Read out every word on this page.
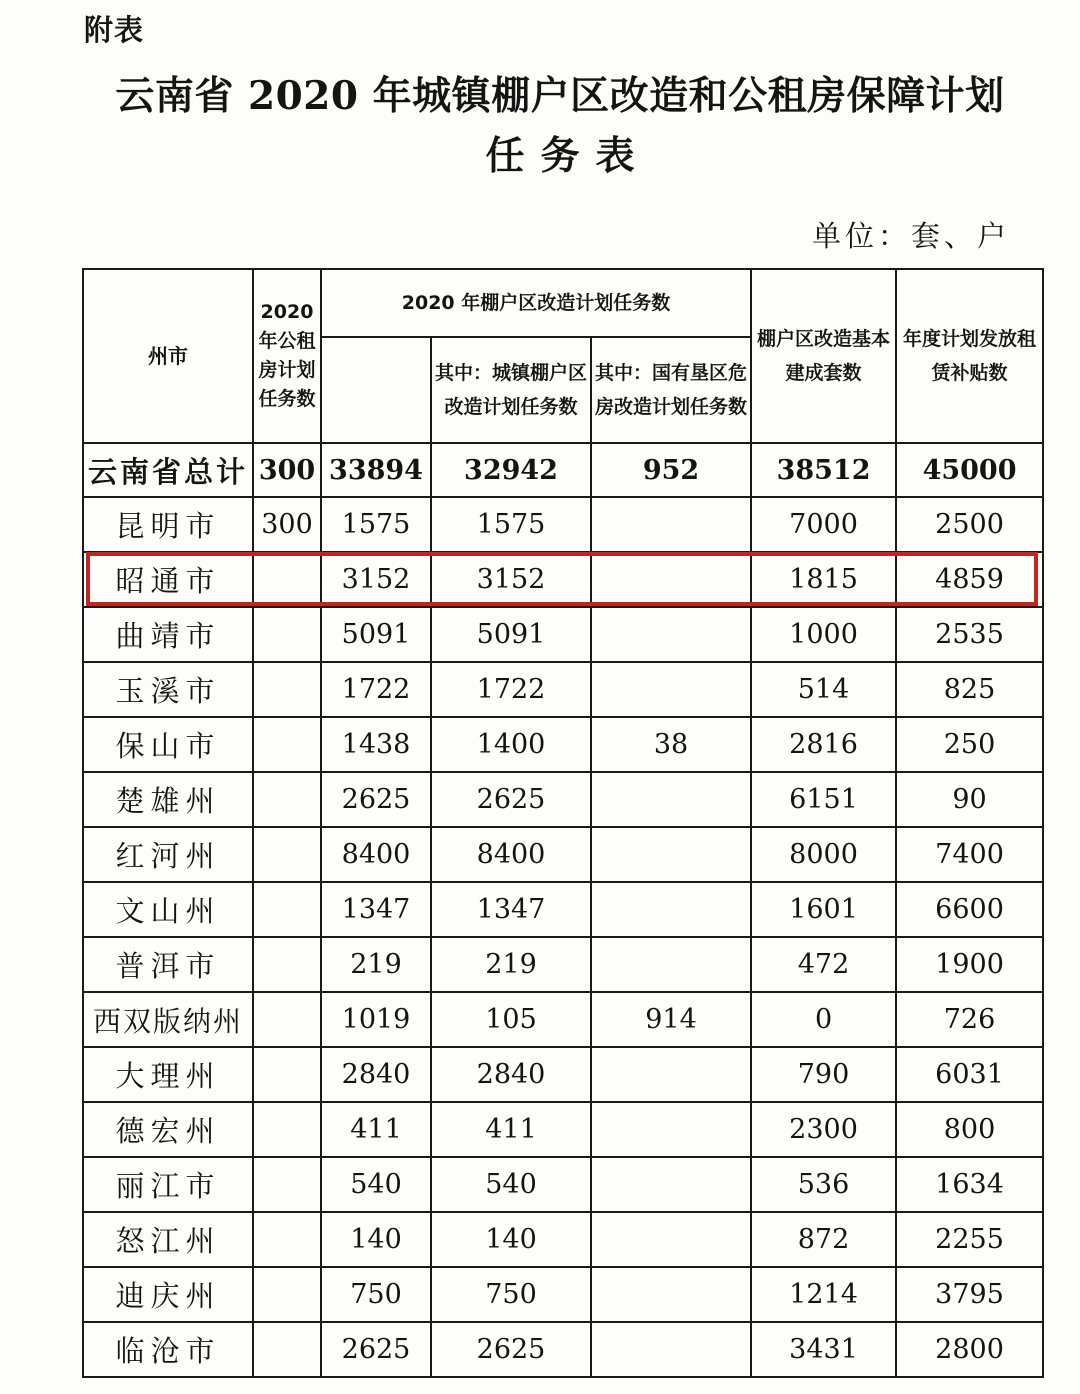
附表
云南省 2020 年城镇棚户区改造和公租房保障计划
任务表
单位：套、户
州市	2020 年公租房计划任务数	2020 年棚户区改造计划任务数			棚户区改造基本建成套数	年度计划发放租赁补贴数
			其中：城镇棚户区改造计划任务数	其中：国有垦区危房改造计划任务数		
云南省总计	300	33894	32942	952	38512	45000
昆明市	300	1575	1575		7000	2500
昭通市		3152	3152		1815	4859
曲靖市		5091	5091		1000	2535
玉溪市		1722	1722		514	825
保山市		1438	1400	38	2816	250
楚雄州		2625	2625		6151	90
红河州		8400	8400		8000	7400
文山州		1347	1347		1601	6600
普洱市		219	219		472	1900
西双版纳州		1019	105	914	0	726
大理州		2840	2840		790	6031
德宏州		411	411		2300	800
丽江市		540	540		536	1634
怒江州		140	140		872	2255
迪庆州		750	750		1214	3795
临沧市		2625	2625		3431	2800
